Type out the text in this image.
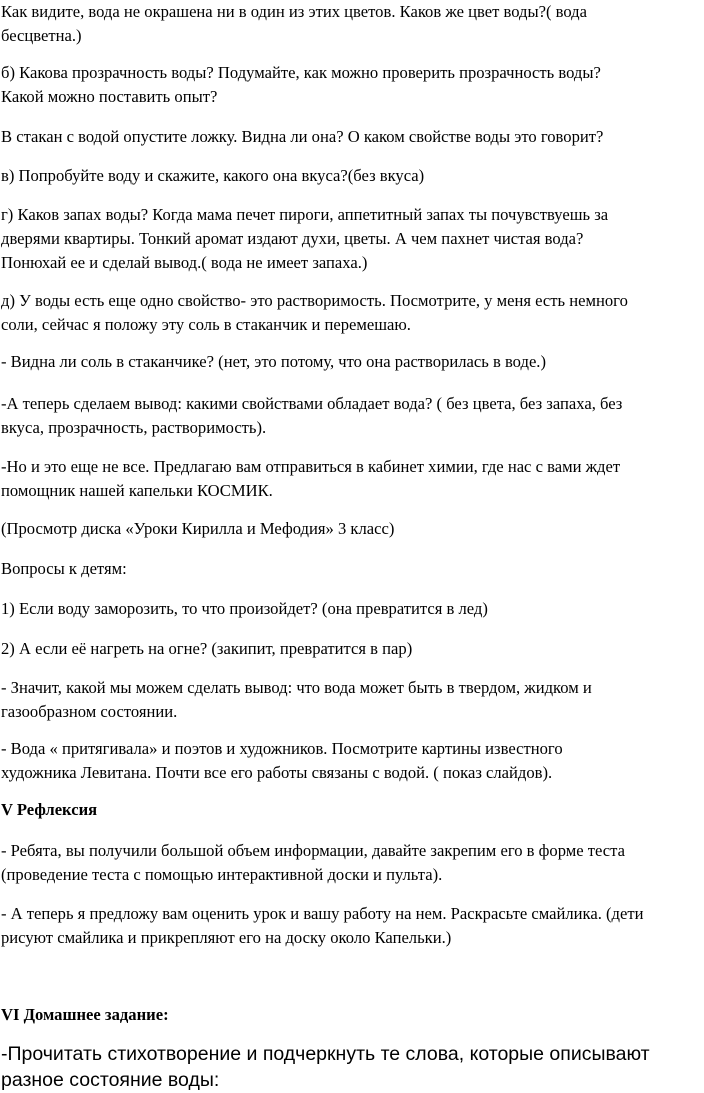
Как видите, вода не окрашена ни в один из этих цветов. Каков же цвет воды?( вода
бесцветна.)

б) Какова прозрачность воды? Подумайте, как можно проверить прозрачность воды?
Какой можно поставить опыт?

В стакан с водой опустите ложку. Видна ли она? О каком свойстве воды это говорит?

в) Попробуйте воду и скажите, какого она вкуса?(без вкуса)

г) Каков запах воды? Когда мама печет пироги, аппетитный запах ты почувствуешь за
дверями квартиры. Тонкий аромат издают духи, цветы. А чем пахнет чистая вода?
Понюхай ее и сделай вывод.( вода не имеет запаха.)

д) У воды есть еще одно свойство- это растворимость. Посмотрите, у меня есть немного
соли, сейчас я положу эту соль в стаканчик и перемешаю.

- Видна ли соль в стаканчике? (нет, это потому, что она растворилась в воде.)

-А теперь сделаем вывод: какими свойствами обладает вода? ( без цвета, без запаха, без
вкуса, прозрачность, растворимость).

-Но и это еще не все. Предлагаю вам отправиться в кабинет химии, где нас с вами ждет
помощник нашей капельки КОСМИК.

(Просмотр диска «Уроки Кирилла и Мефодия» 3 класс)

Вопросы к детям:

1) Если воду заморозить, то что произойдет? (она превратится в лед)

2) А если её нагреть на огне? (закипит, превратится в пар)

- Значит, какой мы можем сделать вывод: что вода может быть в твердом, жидком и
газообразном состоянии.

- Вода « притягивала» и поэтов и художников. Посмотрите картины известного
художника Левитана. Почти все его работы связаны с водой. ( показ слайдов).

V Рефлексия

- Ребята, вы получили большой объем информации, давайте закрепим его в форме теста
(проведение теста с помощью интерактивной доски и пульта).

- А теперь я предложу вам оценить урок и вашу работу на нем. Раскрасьте смайлика. (дети
рисуют смайлика и прикрепляют его на доску около Капельки.)

VI Домашнее задание:

-Прочитать стихотворение и подчеркнуть те слова, которые описывают
разное состояние воды:
